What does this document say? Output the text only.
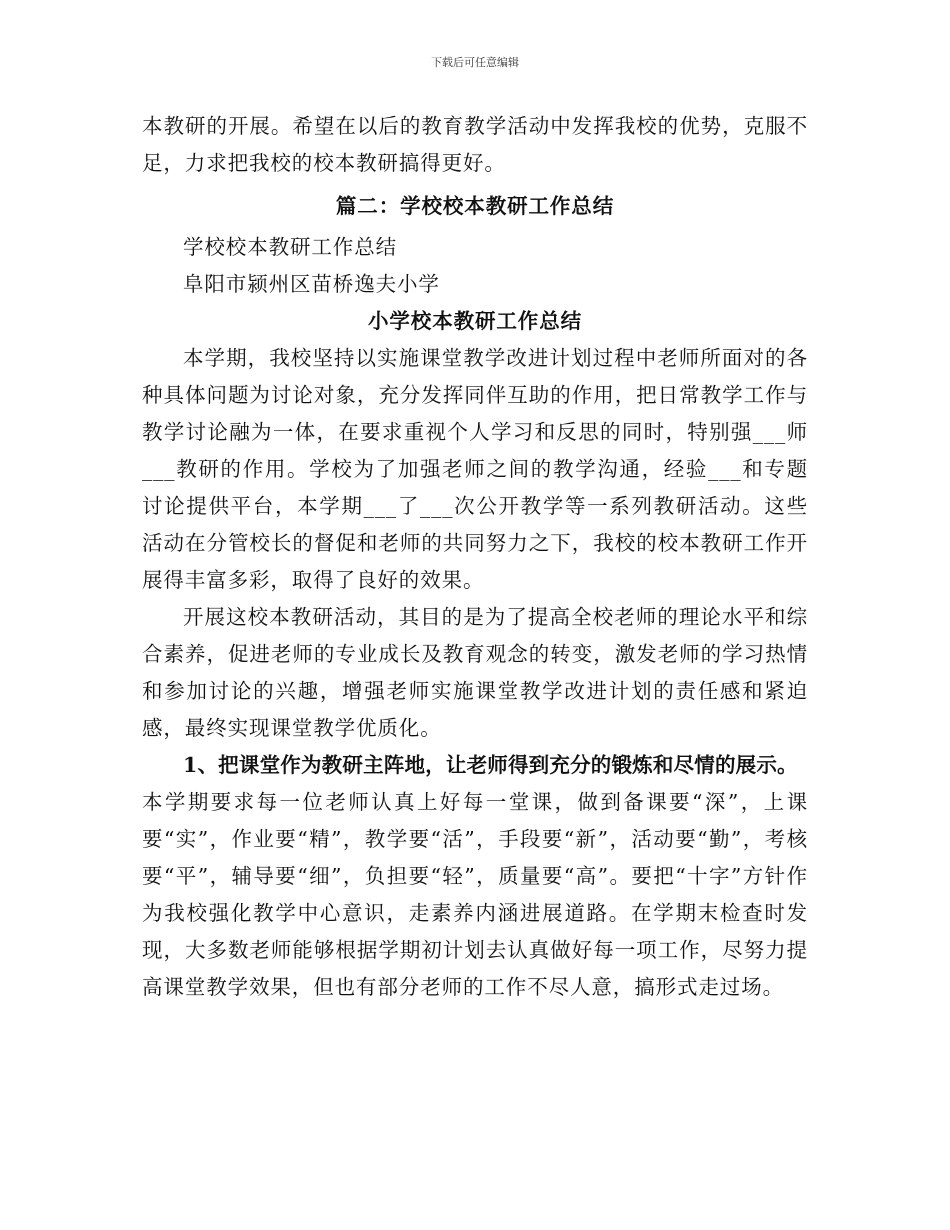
下载后可任意编辑

本教研的开展。希望在以后的教育教学活动中发挥我校的优势，克服不足，力求把我校的校本教研搞得更好。

篇二：学校校本教研工作总结

学校校本教研工作总结

阜阳市颍州区苗桥逸夫小学

小学校本教研工作总结

本学期，我校坚持以实施课堂教学改进计划过程中老师所面对的各种具体问题为讨论对象，充分发挥同伴互助的作用，把日常教学工作与教学讨论融为一体，在要求重视个人学习和反思的同时，特别强___师___教研的作用。学校为了加强老师之间的教学沟通，经验___和专题讨论提供平台，本学期___了___次公开教学等一系列教研活动。这些活动在分管校长的督促和老师的共同努力之下，我校的校本教研工作开展得丰富多彩，取得了良好的效果。

开展这校本教研活动，其目的是为了提高全校老师的理论水平和综合素养，促进老师的专业成长及教育观念的转变，激发老师的学习热情和参加讨论的兴趣，增强老师实施课堂教学改进计划的责任感和紧迫感，最终实现课堂教学优质化。

1、把课堂作为教研主阵地，让老师得到充分的锻炼和尽情的展示。

本学期要求每一位老师认真上好每一堂课，做到备课要“深”，上课要“实”，作业要“精”，教学要“活”，手段要“新”，活动要“勤”，考核要“平”，辅导要“细”，负担要“轻”，质量要“高”。要把“十字”方针作为我校强化教学中心意识，走素养内涵进展道路。在学期末检查时发现，大多数老师能够根据学期初计划去认真做好每一项工作，尽努力提高课堂教学效果，但也有部分老师的工作不尽人意，搞形式走过场。
